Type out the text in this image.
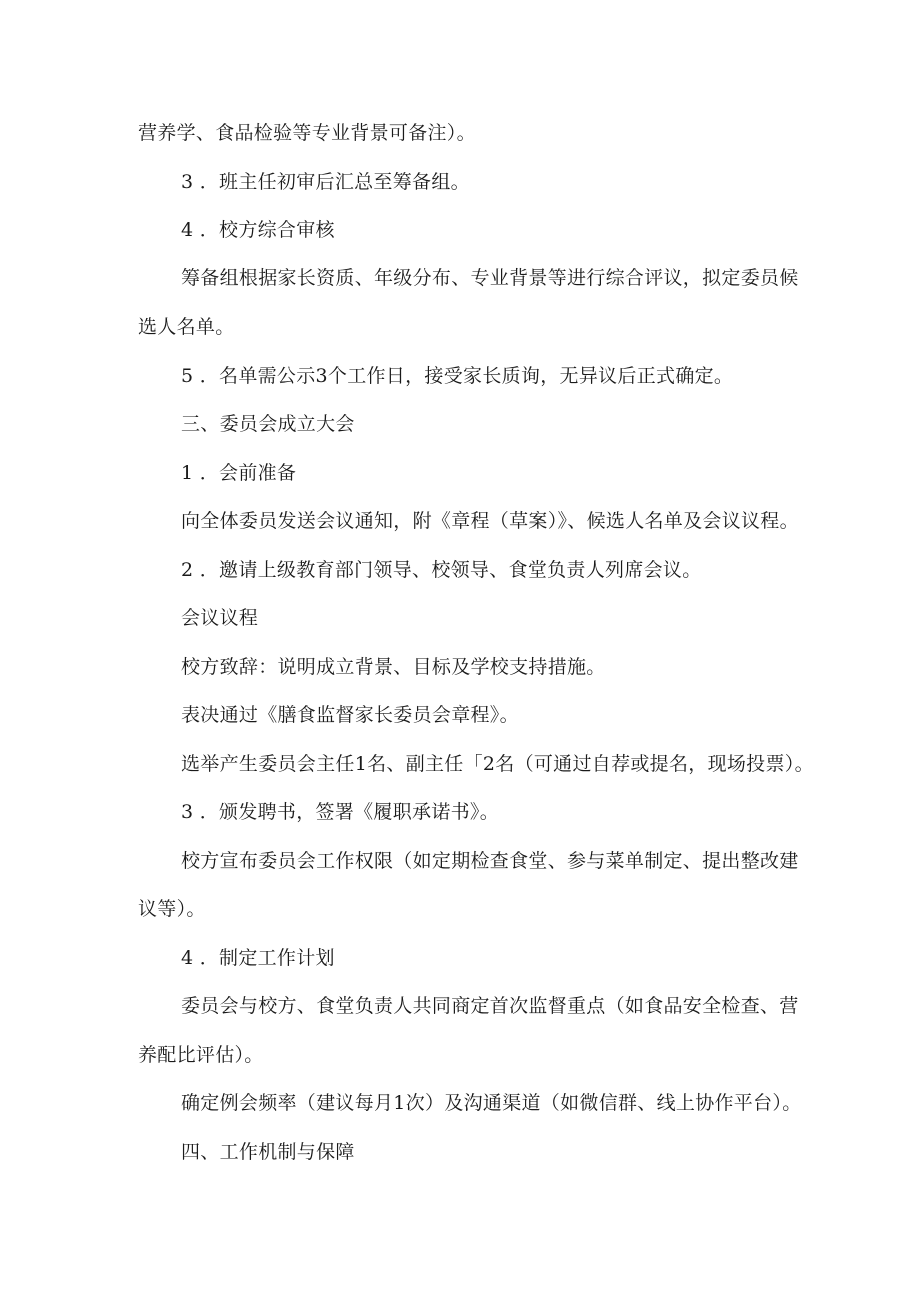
营养学、食品检验等专业背景可备注）。
3 ．班主任初审后汇总至筹备组。
4 ．校方综合审核
筹备组根据家长资质、年级分布、专业背景等进行综合评议，拟定委员候
选人名单。
5 ．名单需公示3个工作日，接受家长质询，无异议后正式确定。
三、委员会成立大会
1 ．会前准备
向全体委员发送会议通知，附《章程（草案）》、候选人名单及会议议程。
2 ．邀请上级教育部门领导、校领导、食堂负责人列席会议。
会议议程
校方致辞：说明成立背景、目标及学校支持措施。
表决通过《膳食监督家长委员会章程》。
选举产生委员会主任1名、副主任「2名（可通过自荐或提名，现场投票）。
3 ．颁发聘书，签署《履职承诺书》。
校方宣布委员会工作权限（如定期检查食堂、参与菜单制定、提出整改建
议等）。
4 ．制定工作计划
委员会与校方、食堂负责人共同商定首次监督重点（如食品安全检查、营
养配比评估）。
确定例会频率（建议每月1次）及沟通渠道（如微信群、线上协作平台）。
四、工作机制与保障
